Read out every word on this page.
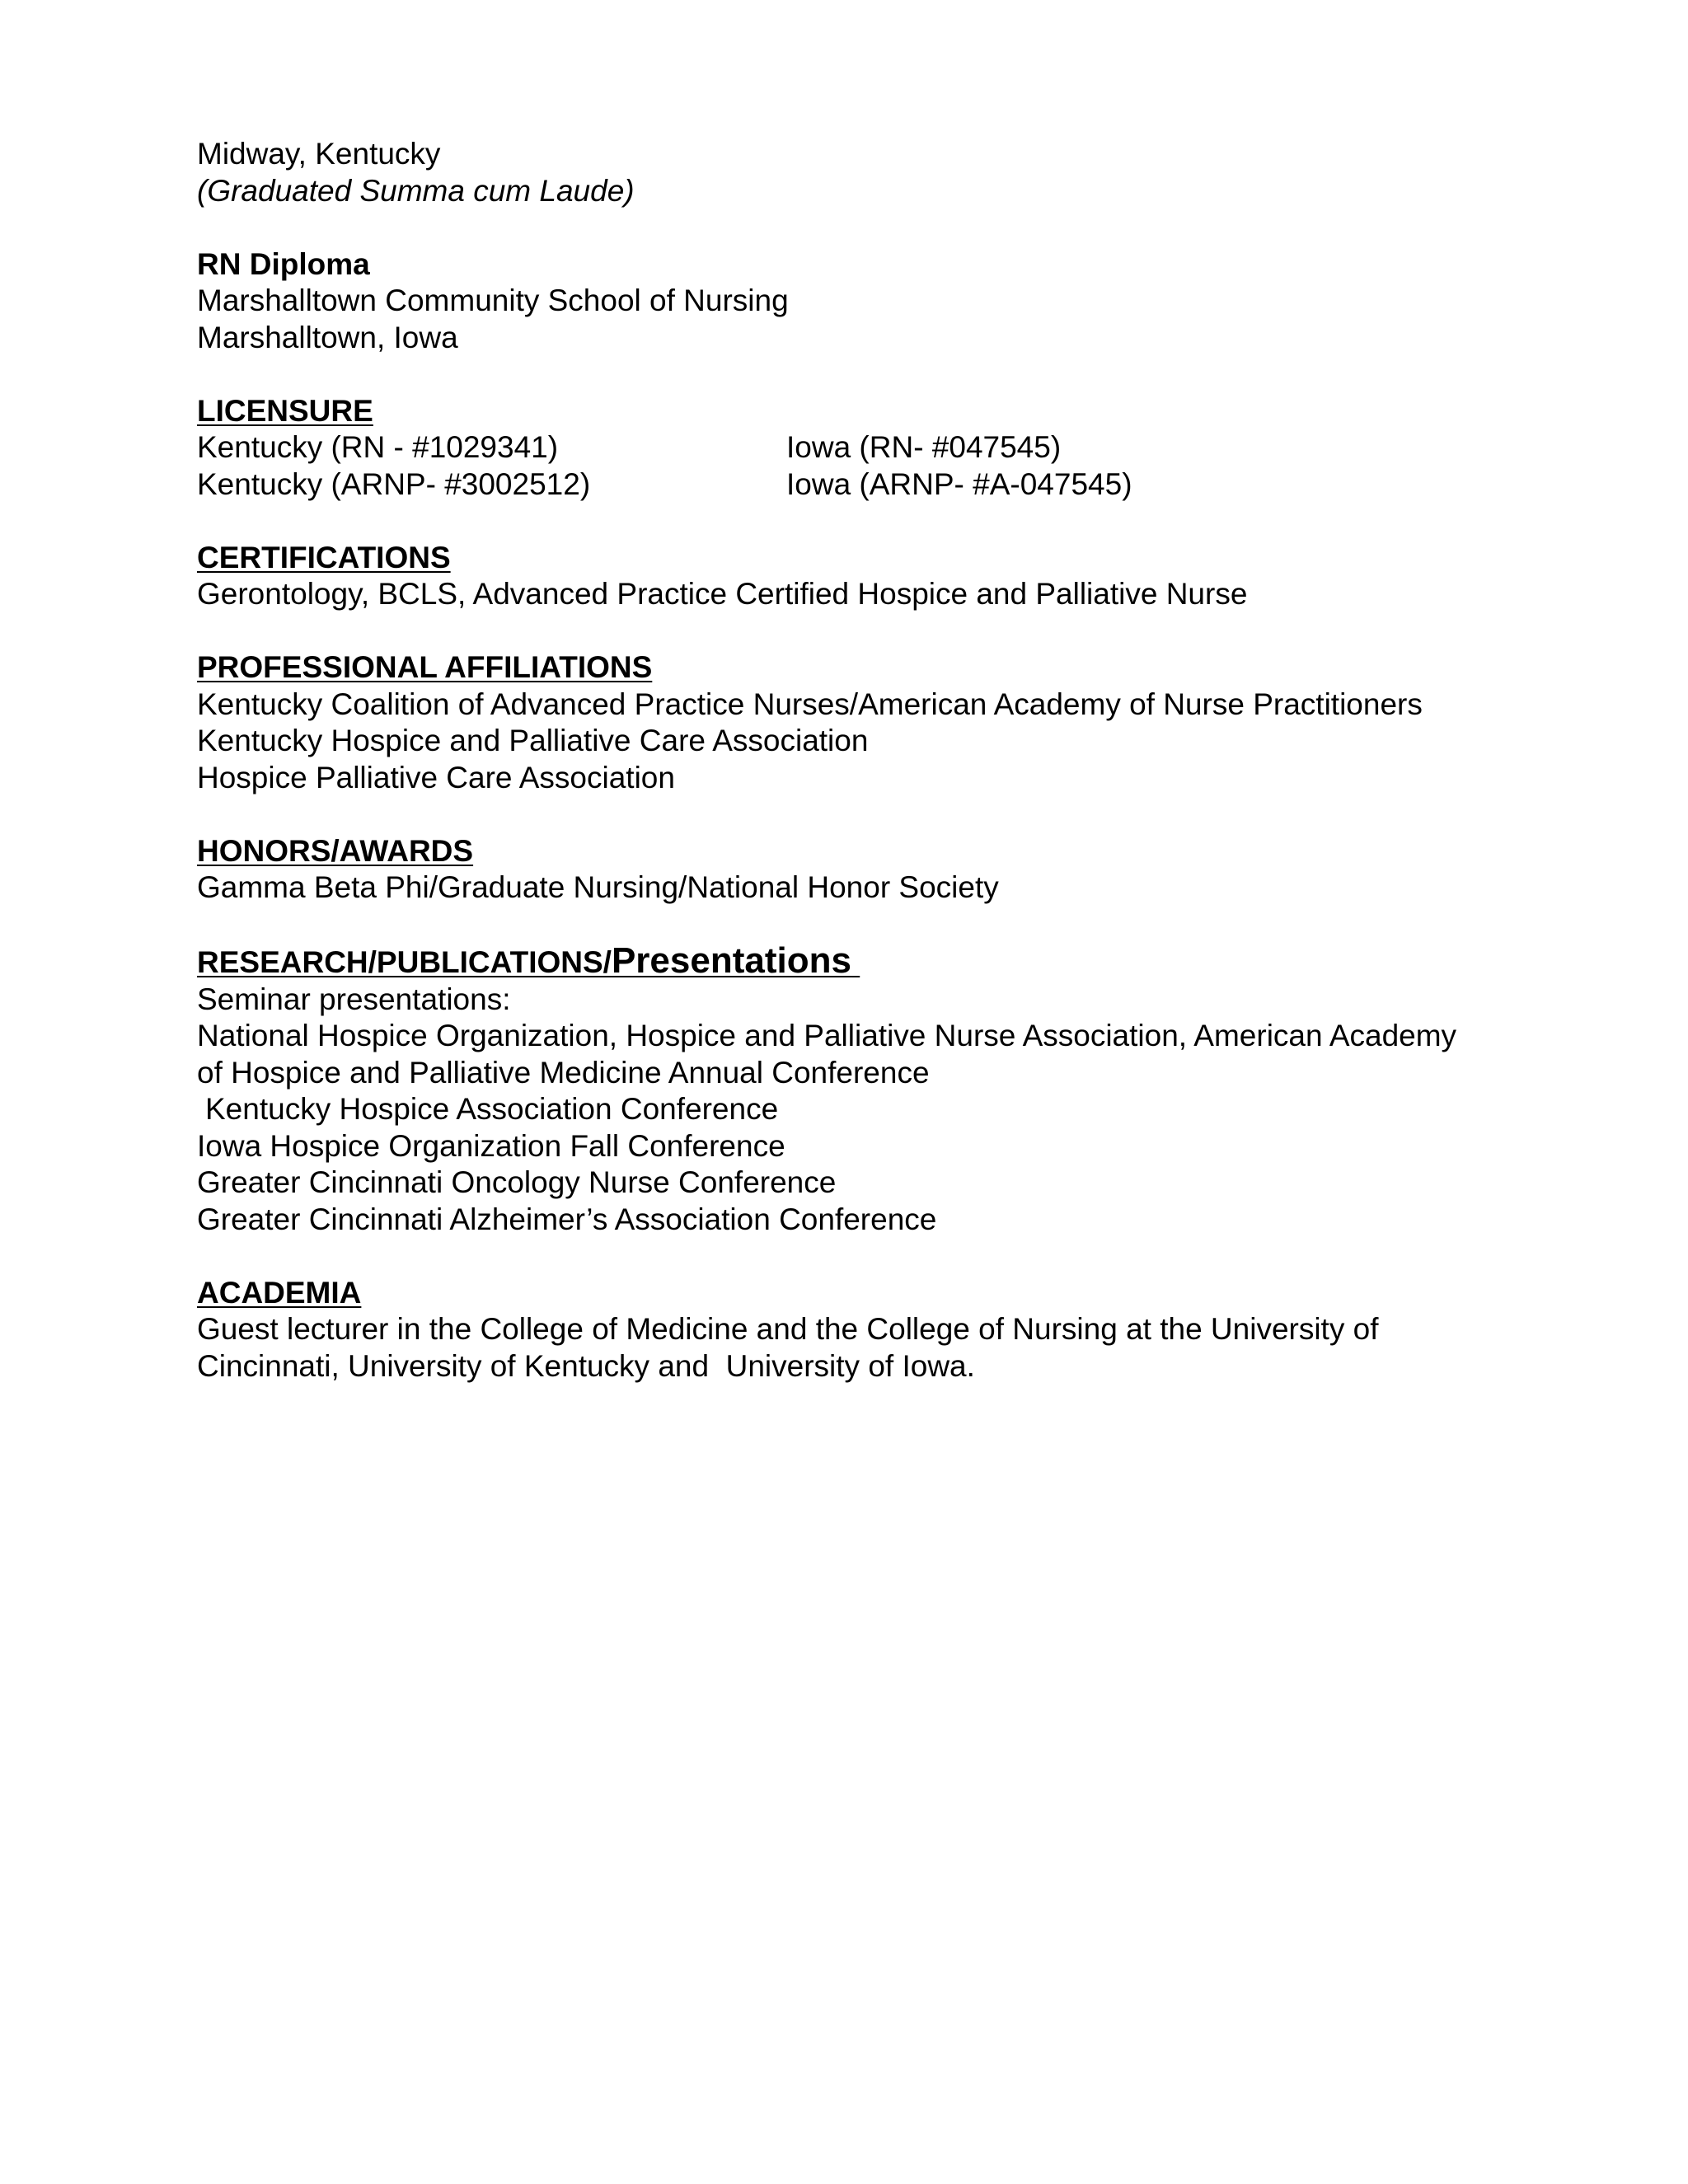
Midway, Kentucky
(Graduated Summa cum Laude)
RN Diploma
Marshalltown Community School of Nursing
Marshalltown, Iowa
LICENSURE
Kentucky (RN - #1029341)	Iowa (RN- #047545)
Kentucky (ARNP- #3002512)	Iowa (ARNP- #A-047545)
CERTIFICATIONS
Gerontology, BCLS, Advanced Practice Certified Hospice and Palliative Nurse
PROFESSIONAL AFFILIATIONS
Kentucky Coalition of Advanced Practice Nurses/American Academy of Nurse Practitioners
Kentucky Hospice and Palliative Care Association
Hospice Palliative Care Association
HONORS/AWARDS
Gamma Beta Phi/Graduate Nursing/National Honor Society
RESEARCH/PUBLICATIONS/Presentations
Seminar presentations:
National Hospice Organization, Hospice and Palliative Nurse Association, American Academy
of Hospice and Palliative Medicine Annual Conference
Kentucky Hospice Association Conference
Iowa Hospice Organization Fall Conference
Greater Cincinnati Oncology Nurse Conference
Greater Cincinnati Alzheimer’s Association Conference
ACADEMIA
Guest lecturer in the College of Medicine and the College of Nursing at the University of
Cincinnati, University of Kentucky and  University of Iowa.
